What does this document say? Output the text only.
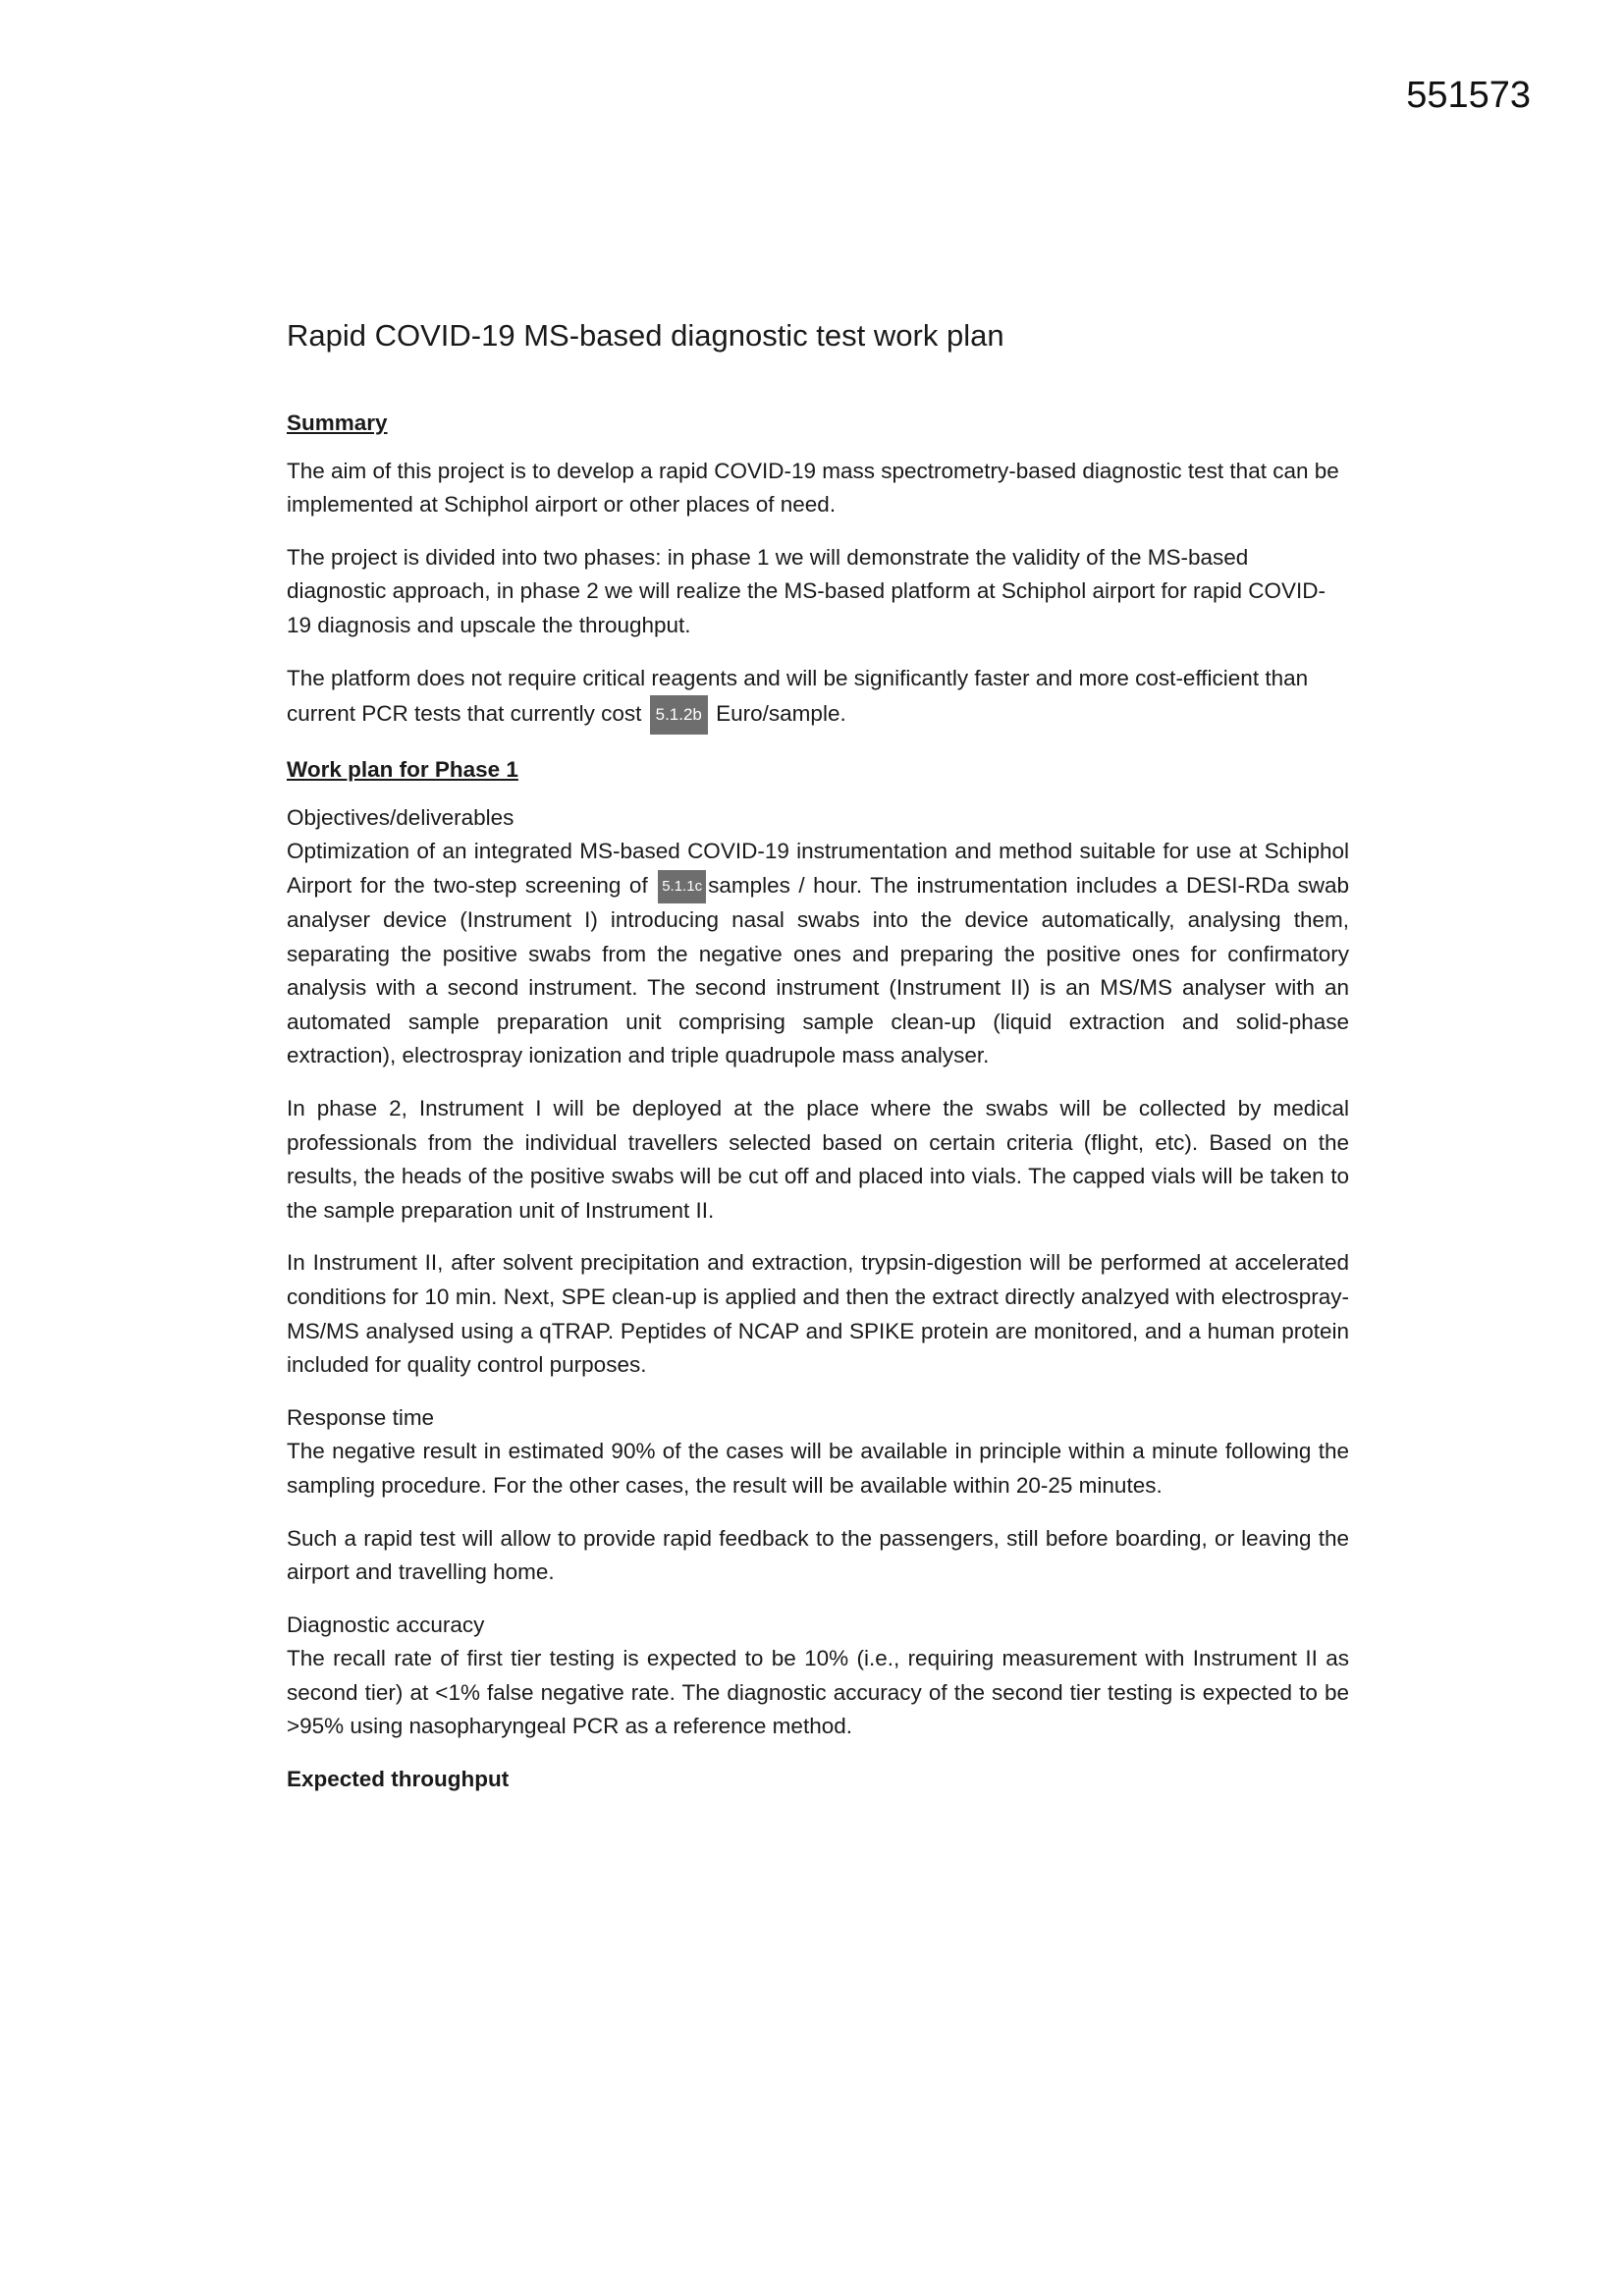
551573
Rapid COVID-19 MS-based diagnostic test work plan
Summary

The aim of this project is to develop a rapid COVID-19 mass spectrometry-based diagnostic test that can be implemented at Schiphol airport or other places of need.

The project is divided into two phases: in phase 1 we will demonstrate the validity of the MS-based diagnostic approach, in phase 2 we will realize the MS-based platform at Schiphol airport for rapid COVID-19 diagnosis and upscale the throughput.

The platform does not require critical reagents and will be significantly faster and more cost-efficient than current PCR tests that currently cost 5.1.2b Euro/sample.

Work plan for Phase 1
Objectives/deliverables

Optimization of an integrated MS-based COVID-19 instrumentation and method suitable for use at Schiphol Airport for the two-step screening of 5.1.1c samples / hour. The instrumentation includes a DESI-RDa swab analyser device (Instrument I) introducing nasal swabs into the device automatically, analysing them, separating the positive swabs from the negative ones and preparing the positive ones for confirmatory analysis with a second instrument. The second instrument (Instrument II) is an MS/MS analyser with an automated sample preparation unit comprising sample clean-up (liquid extraction and solid-phase extraction), electrospray ionization and triple quadrupole mass analyser.

In phase 2, Instrument I will be deployed at the place where the swabs will be collected by medical professionals from the individual travellers selected based on certain criteria (flight, etc). Based on the results, the heads of the positive swabs will be cut off and placed into vials. The capped vials will be taken to the sample preparation unit of Instrument II.

In Instrument II, after solvent precipitation and extraction, trypsin-digestion will be performed at accelerated conditions for 10 min. Next, SPE clean-up is applied and then the extract directly analzyed with electrospray-MS/MS analysed using a qTRAP. Peptides of NCAP and SPIKE protein are monitored, and a human protein included for quality control purposes.

Response time

The negative result in estimated 90% of the cases will be available in principle within a minute following the sampling procedure. For the other cases, the result will be available within 20-25 minutes.

Such a rapid test will allow to provide rapid feedback to the passengers, still before boarding, or leaving the airport and travelling home.

Diagnostic accuracy

The recall rate of first tier testing is expected to be 10% (i.e., requiring measurement with Instrument II as second tier) at <1% false negative rate. The diagnostic accuracy of the second tier testing is expected to be >95% using nasopharyngeal PCR as a reference method.

Expected throughput
